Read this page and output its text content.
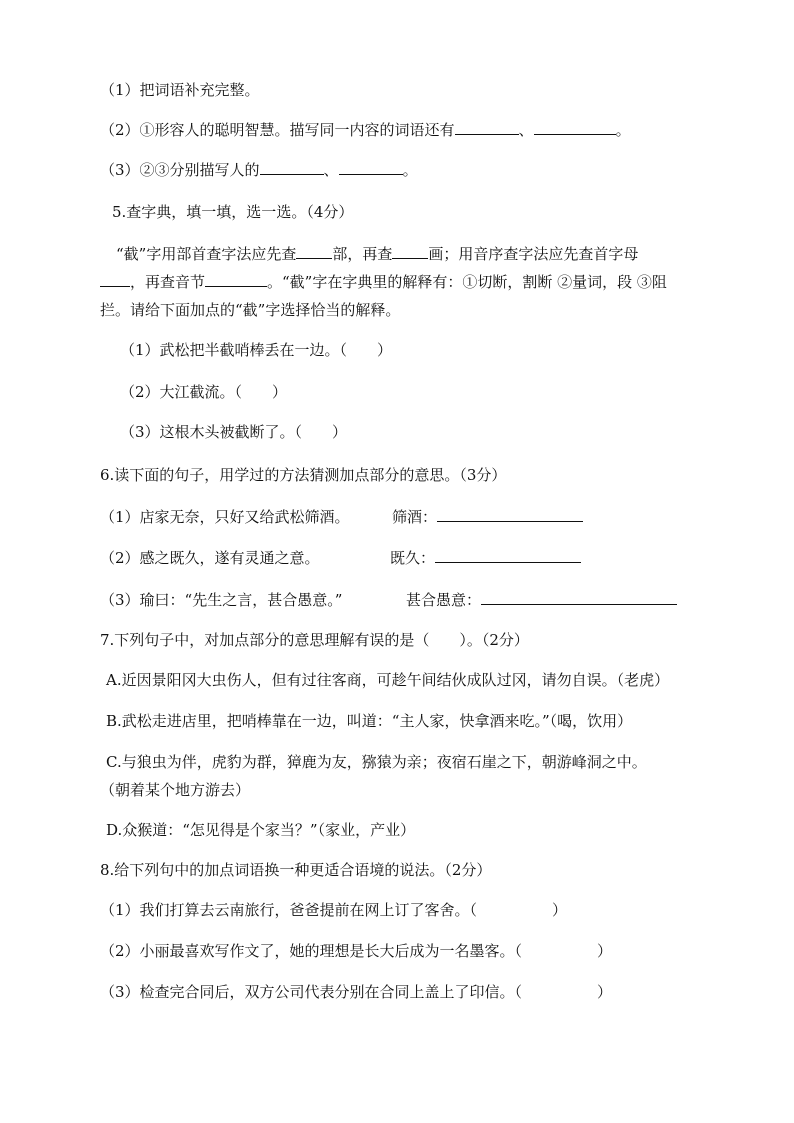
（1）把词语补充完整。
（2）①形容人的聪明智慧。描写同一内容的词语还有	、	。
（3）②③分别描写人的	、	。
5.查字典，填一填，选一选。（4分）
“截”字用部首查字法应先查 部，再查 画；用音序查字法应先查首字母
，再查音节	。“截”字在字典里的解释有：①切断，割断 ②量词，段 ③阻
拦。请给下面加点的“截”字选择恰当的解释。
（1）武松把半截哨棒丢在一边。（　　）
（2）大江截流。（　　）
（3）这根木头被截断了。（　　）
6.读下面的句子，用学过的方法猜测加点部分的意思。（3分）
（1）店家无奈，只好又给武松筛酒。	筛酒：
（2）感之既久，遂有灵通之意。	既久：
（3）瑜曰：“先生之言，甚合愚意。”	甚合愚意：
7.下列句子中，对加点部分的意思理解有误的是（　　）。（2分）
A.近因景阳冈大虫伤人，但有过往客商，可趁午间结伙成队过冈，请勿自误。（老虎）
B.武松走进店里，把哨棒靠在一边，叫道：“主人家，快拿酒来吃。”（喝，饮用）
C.与狼虫为伴，虎豹为群，獐鹿为友，猕猿为亲；夜宿石崖之下，朝游峰洞之中。
（朝着某个地方游去）
D.众猴道：“怎见得是个家当？”（家业，产业）
8.给下列句中的加点词语换一种更适合语境的说法。（2分）
（1）我们打算去云南旅行，爸爸提前在网上订了客舍。（　　　　　）
（2）小丽最喜欢写作文了，她的理想是长大后成为一名墨客。（　　　　　）
（3）检查完合同后，双方公司代表分别在合同上盖上了印信。（　　　　　）
